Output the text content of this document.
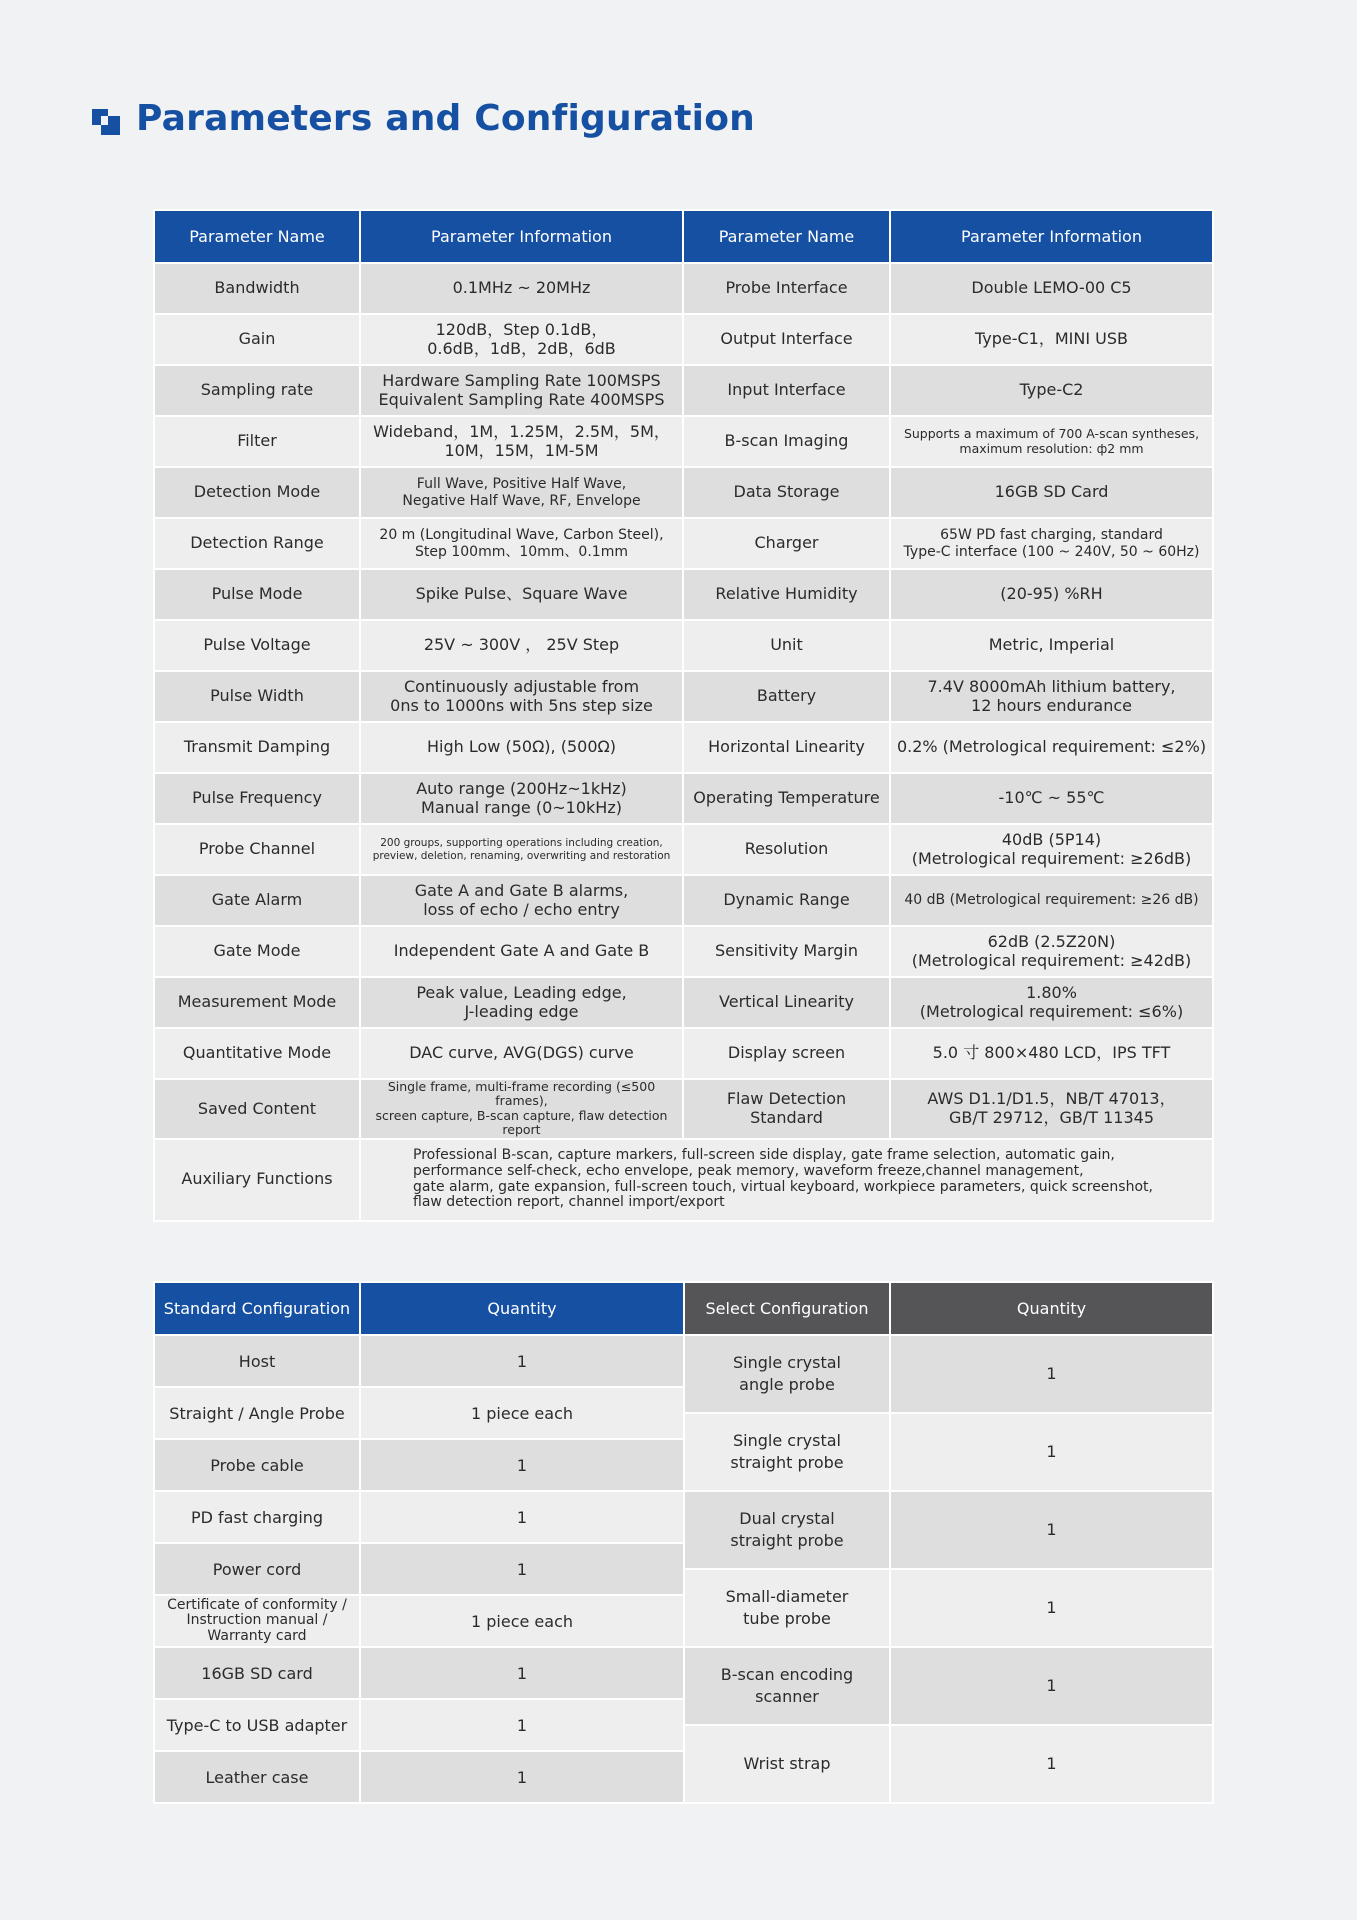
Parameters and Configuration
Parameter Name	Parameter Information	Parameter Name	Parameter Information
Bandwidth	0.1MHz ~ 20MHz	Probe Interface	Double LEMO-00 C5

Gain	120dB，Step 0.1dB，
0.6dB，1dB，2dB，6dB	Output Interface	Type-C1，MINI USB

Sampling rate	Hardware Sampling Rate 100MSPS
Equivalent Sampling Rate 400MSPS	Input Interface	Type-C2

Filter	Wideband，1M，1.25M，2.5M，5M，
10M，15M，1M-5M	B-scan Imaging	Supports a maximum of 700 A-scan syntheses,
maximum resolution: ф2 mm

Detection Mode	Full Wave, Positive Half Wave,
Negative Half Wave, RF, Envelope	Data Storage	16GB SD Card

Detection Range	20 m (Longitudinal Wave, Carbon Steel),
Step 100mm、10mm、0.1mm	Charger	65W PD fast charging, standard
Type-C interface (100 ~ 240V, 50 ~ 60Hz)

Pulse Mode	Spike Pulse、Square Wave	Relative Humidity	(20-95) %RH

Pulse Voltage	25V ~ 300V ， 25V Step	Unit	Metric, Imperial

Pulse Width	Continuously adjustable from
0ns to 1000ns with 5ns step size	Battery	7.4V 8000mAh lithium battery,
12 hours endurance

Transmit Damping	High Low (50Ω), (500Ω)	Horizontal Linearity	0.2% (Metrological requirement: ≤2%)

Pulse Frequency	Auto range (200Hz~1kHz)
Manual range (0~10kHz)	Operating Temperature	-10℃ ~ 55℃

Probe Channel	200 groups, supporting operations including creation,
preview, deletion, renaming, overwriting and restoration	Resolution	40dB (5P14)
(Metrological requirement: ≥26dB)

Gate Alarm	Gate A and Gate B alarms,
loss of echo / echo entry	Dynamic Range	40 dB (Metrological requirement: ≥26 dB)

Gate Mode	Independent Gate A and Gate B	Sensitivity Margin	62dB (2.5Z20N)
(Metrological requirement: ≥42dB)

Measurement Mode	Peak value, Leading edge,
J-leading edge	Vertical Linearity	1.80%
(Metrological requirement: ≤6%)

Quantitative Mode	DAC curve, AVG(DGS) curve	Display screen	5.0 寸 800×480 LCD，IPS TFT

Saved Content	Single frame, multi-frame recording (≤500 frames),
screen capture, B-scan capture, flaw detection report	Flaw Detection Standard	AWS D1.1/D1.5，NB/T 47013，
GB/T 29712，GB/T 11345

Auxiliary Functions	Professional B-scan, capture markers, full-screen side display, gate frame selection, automatic gain,
performance self-check, echo envelope, peak memory, waveform freeze,channel management,
gate alarm, gate expansion, full-screen touch, virtual keyboard, workpiece parameters, quick screenshot,
flaw detection report, channel import/export		
Standard Configuration	Quantity

Host	1

Straight / Angle Probe	1 piece each

Probe cable	1

PD fast charging	1

Power cord	1

Certificate of conformity /
Instruction manual /
Warranty card	1 piece each

16GB SD card	1

Type-C to USB adapter	1

Leather case	1
Select Configuration	Quantity

Single crystal
angle probe	1

Single crystal
straight probe	1

Dual crystal
straight probe	1

Small-diameter
tube probe	1

B-scan encoding
scanner	1

Wrist strap	1
